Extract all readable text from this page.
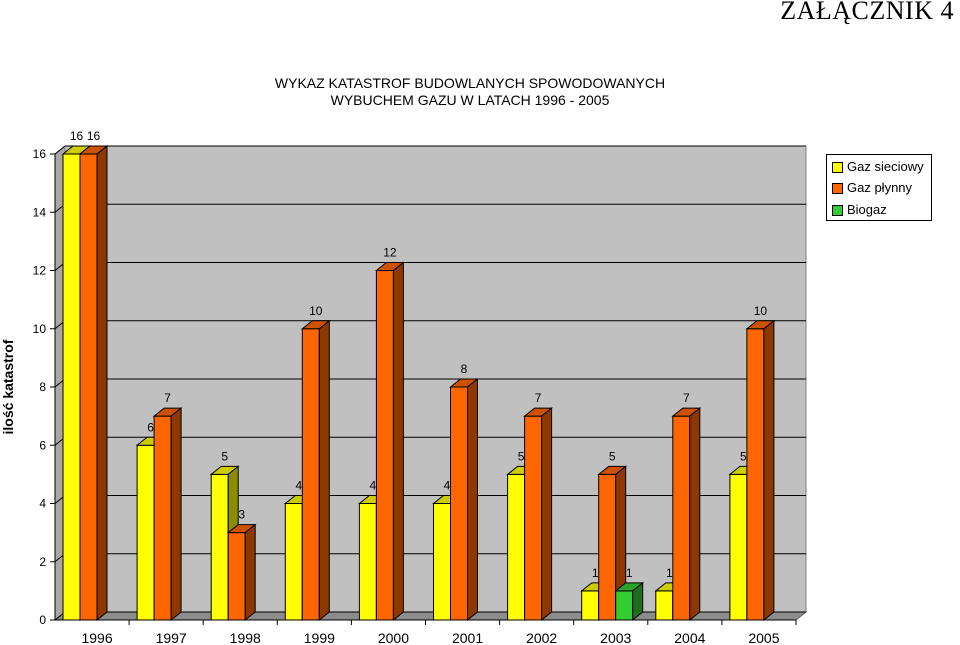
ZAŁĄCZNIK 4
WYKAZ KATASTROF BUDOWLANYCH SPOWODOWANYCH
WYBUCHEM GAZU W LATACH 1996 - 2005
0
2
4
6
8
10
12
14
16
ilość katastrof
1996	1997	1998	1999	2000	2001	2002	2003	2004	2005
16 16
6
7
5
3
4
10
4
12
4
8
5
7
1
5
1	1
7
5
10
Gaz sieciowy
Gaz płynny
Biogaz
